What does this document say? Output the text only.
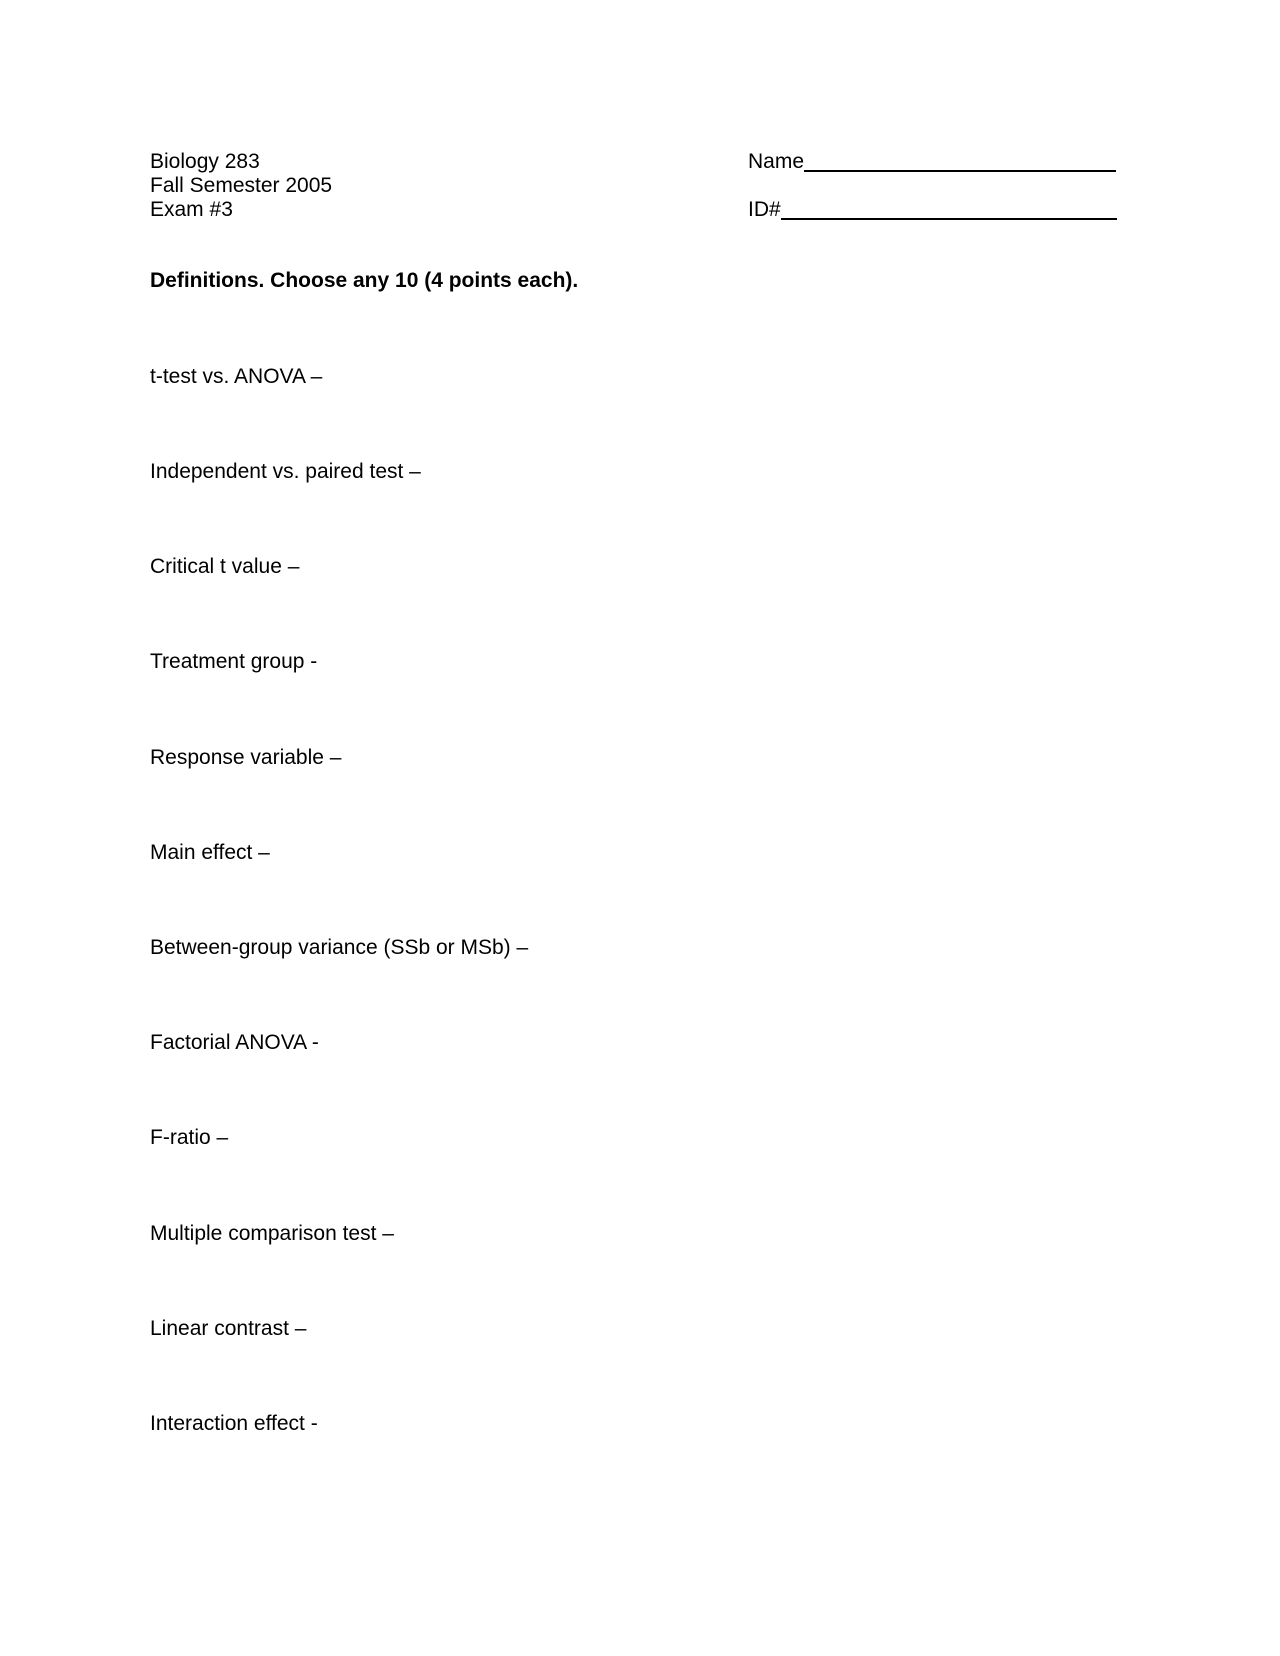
Biology 283
Fall Semester 2005
Exam #3
Name
ID#
Definitions. Choose any 10 (4 points each).
t-test vs. ANOVA –
Independent vs. paired test –
Critical t value –
Treatment group -
Response variable –
Main effect –
Between-group variance (SSb or MSb) –
Factorial ANOVA -
F-ratio –
Multiple comparison test –
Linear contrast –
Interaction effect -
